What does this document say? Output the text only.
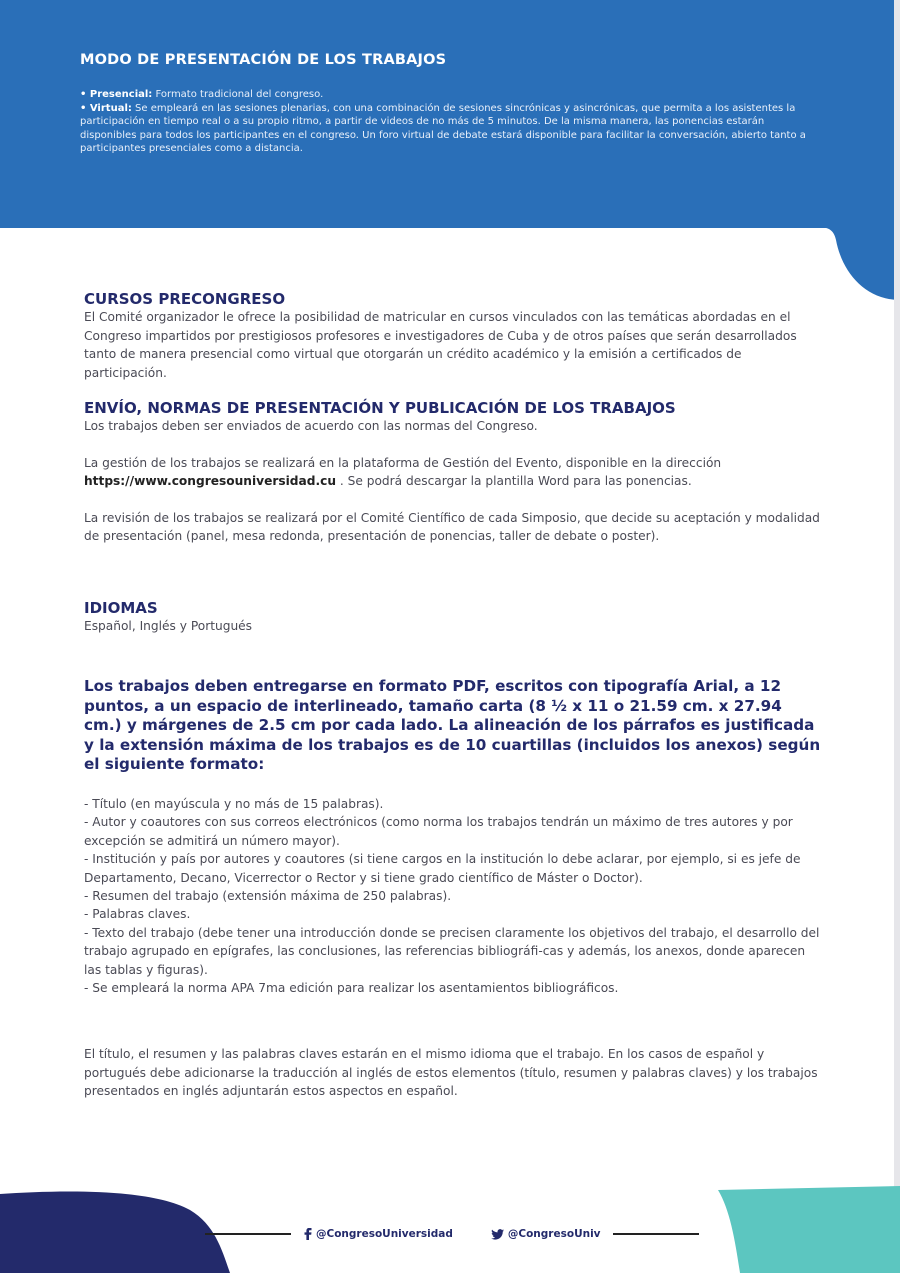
MODO DE PRESENTACIÓN DE LOS TRABAJOS
• Presencial: Formato tradicional del congreso.
• Virtual: Se empleará en las sesiones plenarias, con una combinación de sesiones sincrónicas y asincrónicas, que permita a los asistentes la participación en tiempo real o a su propio ritmo, a partir de videos de no más de 5 minutos. De la misma manera, las ponencias estarán disponibles para todos los participantes en el congreso. Un foro virtual de debate estará disponible para facilitar la conversación, abierto tanto a participantes presenciales como a distancia.
CURSOS PRECONGRESO
El Comité organizador le ofrece la posibilidad de matricular en cursos vinculados con las temáticas abordadas en el Congreso impartidos por prestigiosos profesores e investigadores de Cuba y de otros países que serán desarrollados tanto de manera presencial como virtual que otorgarán un crédito académico y la emisión a certificados de participación.
ENVÍO, NORMAS DE PRESENTACIÓN Y PUBLICACIÓN DE LOS TRABAJOS
Los trabajos deben ser enviados de acuerdo con las normas del Congreso.
La gestión de los trabajos se realizará en la plataforma de Gestión del Evento, disponible en la dirección https://www.congresouniversidad.cu . Se podrá descargar la plantilla Word para las ponencias.
La revisión de los trabajos se realizará por el Comité Científico de cada Simposio, que decide su aceptación y modalidad de presentación (panel, mesa redonda, presentación de ponencias, taller de debate o poster).
IDIOMAS
Español, Inglés y Portugués
Los trabajos deben entregarse en formato PDF, escritos con tipografía Arial, a 12 puntos, a un espacio de interlineado, tamaño carta (8 ½ x 11 o 21.59 cm. x 27.94 cm.) y márgenes de 2.5 cm por cada lado. La alineación de los párrafos es justificada y la extensión máxima de los trabajos es de 10 cuartillas (incluidos los anexos) según el siguiente formato:
- Título (en mayúscula y no más de 15 palabras).
- Autor y coautores con sus correos electrónicos (como norma los trabajos tendrán un máximo de tres autores y por excepción se admitirá un número mayor).
- Institución y país por autores y coautores (si tiene cargos en la institución lo debe aclarar, por ejemplo, si es jefe de Departamento, Decano, Vicerrector o Rector y si tiene grado científico de Máster o Doctor).
- Resumen del trabajo (extensión máxima de 250 palabras).
- Palabras claves.
- Texto del trabajo (debe tener una introducción donde se precisen claramente los objetivos del trabajo, el desarrollo del trabajo agrupado en epígrafes, las conclusiones, las referencias bibliográfi-cas y además, los anexos, donde aparecen las tablas y figuras).
- Se empleará la norma APA 7ma edición para realizar los asentamientos bibliográficos.
El título, el resumen y las palabras claves estarán en el mismo idioma que el trabajo. En los casos de español y portugués debe adicionarse la traducción al inglés de estos elementos (título, resumen y palabras claves) y los trabajos presentados en inglés adjuntarán estos aspectos en español.
@CongresoUniversidad	@CongresoUniv
